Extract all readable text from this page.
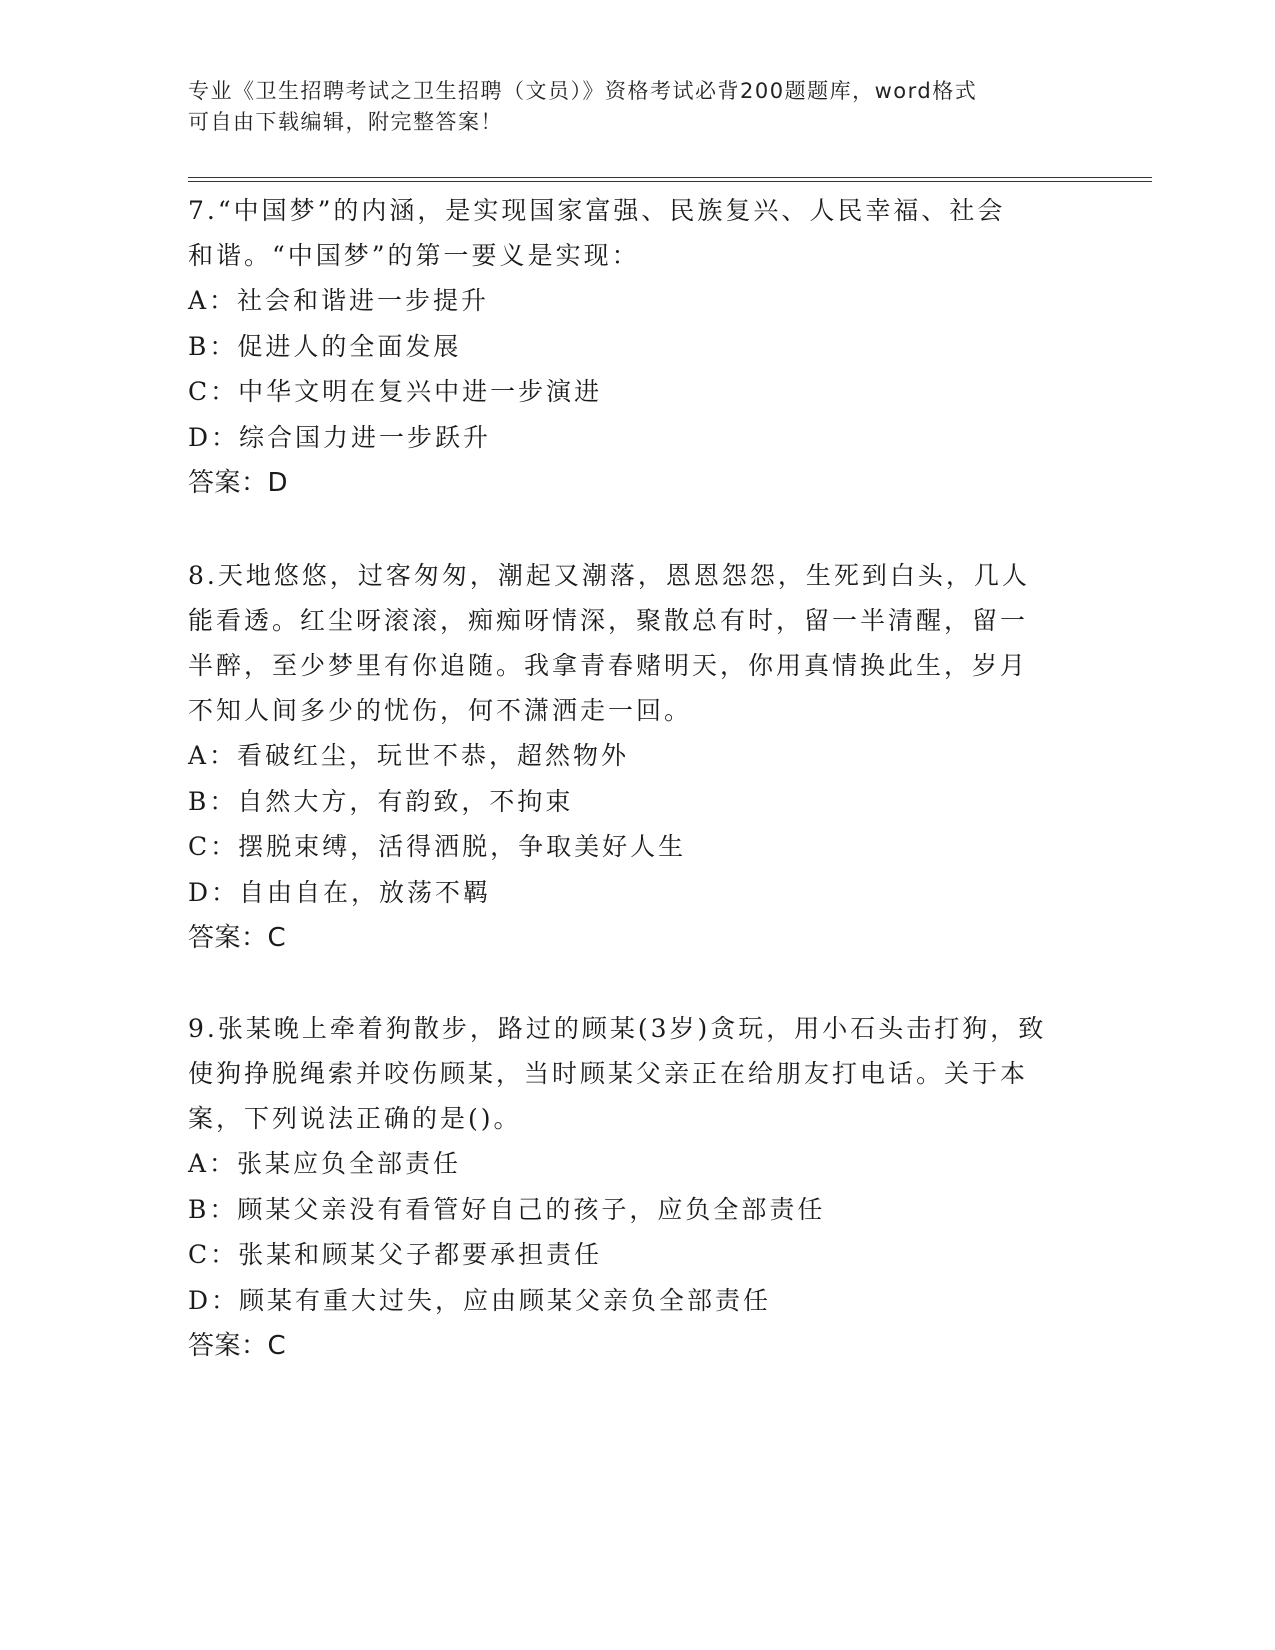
专业《卫生招聘考试之卫生招聘（文员）》资格考试必背200题题库，word格式
可自由下载编辑，附完整答案！

7.“中国梦”的内涵，是实现国家富强、民族复兴、人民幸福、社会

和谐。“中国梦”的第一要义是实现：

A：社会和谐进一步提升

B：促进人的全面发展

C：中华文明在复兴中进一步演进

D：综合国力进一步跃升

答案：D

8.天地悠悠，过客匆匆，潮起又潮落，恩恩怨怨，生死到白头，几人

能看透。红尘呀滚滚，痴痴呀情深，聚散总有时，留一半清醒，留一

半醉，至少梦里有你追随。我拿青春赌明天，你用真情换此生，岁月

不知人间多少的忧伤，何不潇洒走一回。

A：看破红尘，玩世不恭，超然物外

B：自然大方，有韵致，不拘束

C：摆脱束缚，活得洒脱，争取美好人生

D：自由自在，放荡不羁

答案：C

9.张某晚上牵着狗散步，路过的顾某(3岁)贪玩，用小石头击打狗，致

使狗挣脱绳索并咬伤顾某，当时顾某父亲正在给朋友打电话。关于本

案，下列说法正确的是()。

A：张某应负全部责任

B：顾某父亲没有看管好自己的孩子，应负全部责任

C：张某和顾某父子都要承担责任

D：顾某有重大过失，应由顾某父亲负全部责任

答案：C
